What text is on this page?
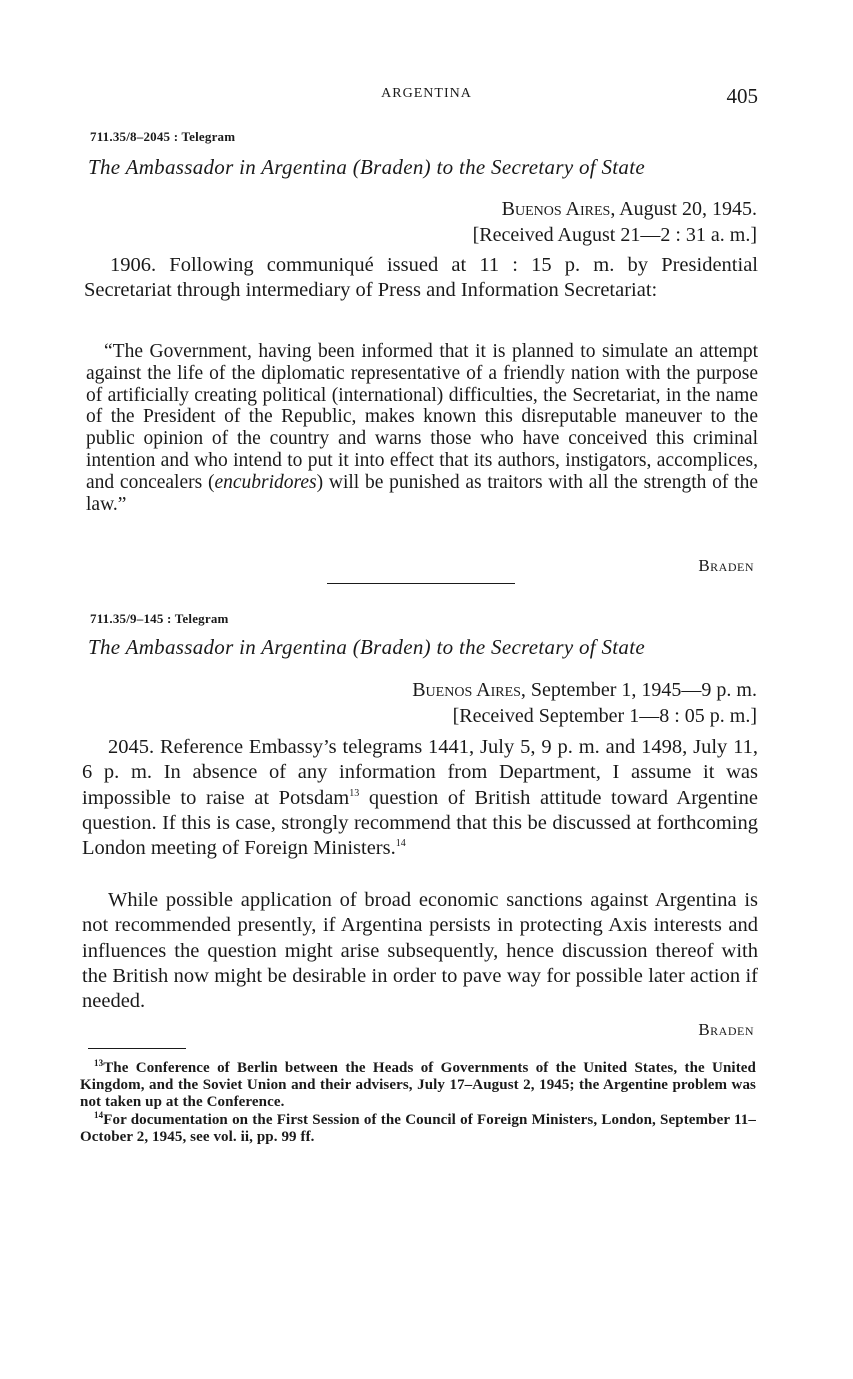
ARGENTINA	405
711.35/8–2045 : Telegram
The Ambassador in Argentina (Braden) to the Secretary of State
Buenos Aires, August 20, 1945.
[Received August 21—2 : 31 a. m.]

1906. Following communiqué issued at 11 : 15 p. m. by Presidential Secretariat through intermediary of Press and Information Secretariat:

“The Government, having been informed that it is planned to simulate an attempt against the life of the diplomatic representative of a friendly nation with the purpose of artificially creating political (international) difficulties, the Secretariat, in the name of the President of the Republic, makes known this disreputable maneuver to the public opinion of the country and warns those who have conceived this criminal intention and who intend to put it into effect that its authors, instigators, accomplices, and concealers (encubridores) will be punished as traitors with all the strength of the law.”

Braden
711.35/9–145 : Telegram
The Ambassador in Argentina (Braden) to the Secretary of State
Buenos Aires, September 1, 1945—9 p. m.
[Received September 1—8 : 05 p. m.]

2045. Reference Embassy’s telegrams 1441, July 5, 9 p. m. and 1498, July 11, 6 p. m. In absence of any information from Department, I assume it was impossible to raise at Potsdam$^{13}$ question of British attitude toward Argentine question. If this is case, strongly recommend that this be discussed at forthcoming London meeting of Foreign Ministers.$^{14}$

While possible application of broad economic sanctions against Argentina is not recommended presently, if Argentina persists in protecting Axis interests and influences the question might arise subsequently, hence discussion thereof with the British now might be desirable in order to pave way for possible later action if needed.

Braden

$^{13}$The Conference of Berlin between the Heads of Governments of the United States, the United Kingdom, and the Soviet Union and their advisers, July 17–August 2, 1945; the Argentine problem was not taken up at the Conference.

$^{14}$For documentation on the First Session of the Council of Foreign Ministers, London, September 11–October 2, 1945, see vol. ii, pp. 99 ff.
